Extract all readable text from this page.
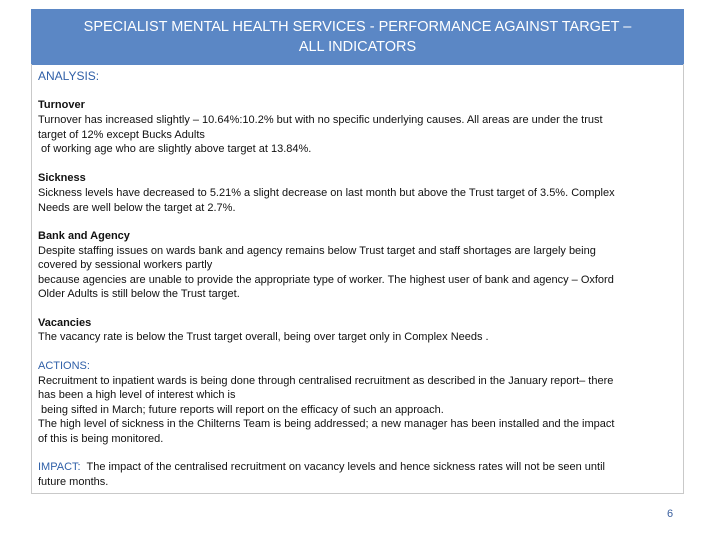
SPECIALIST MENTAL HEALTH SERVICES - PERFORMANCE AGAINST TARGET –
ALL INDICATORS
ANALYSIS:
Turnover
Turnover has increased slightly – 10.64%:10.2% but with no specific underlying causes. All areas are under the trust
target of 12% except Bucks Adults
of working age who are slightly above target at 13.84%.
Sickness
Sickness levels have decreased to 5.21% a slight decrease on last month but above the Trust target of 3.5%. Complex
Needs are well below the target at 2.7%.
Bank and Agency
Despite staffing issues on wards bank and agency remains below Trust target and staff shortages are largely being
covered by sessional workers partly
because agencies are unable to provide the appropriate type of worker. The highest user of bank and agency – Oxford
Older Adults is still below the Trust target.
Vacancies
The vacancy rate is below the Trust target overall, being over target only in Complex Needs .
ACTIONS:
Recruitment to inpatient wards is being done through centralised recruitment as described in the January report– there
has been a high level of interest which is
being sifted in March; future reports will report on the efficacy of such an approach.
The high level of sickness in the Chilterns Team is being addressed; a new manager has been installed and the impact
of this is being monitored.
IMPACT:  The impact of the centralised recruitment on vacancy levels and hence sickness rates will not be seen until
future months.
6
